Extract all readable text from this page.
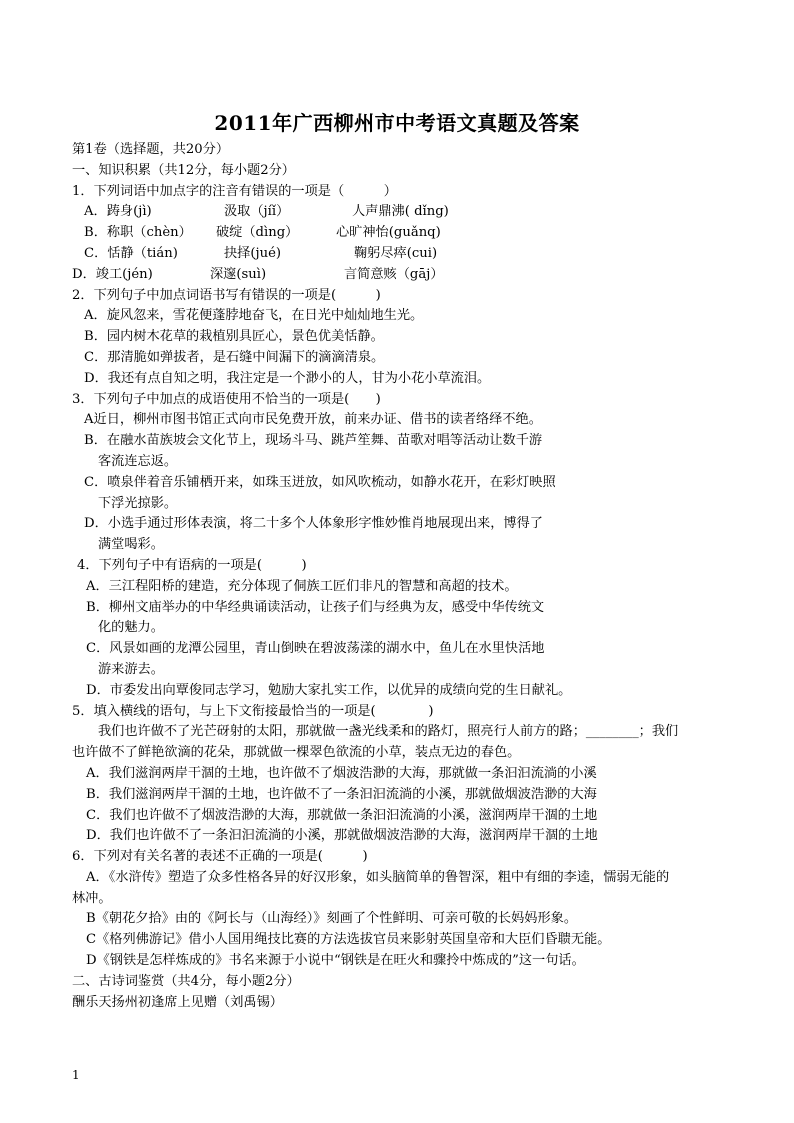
2011年广西柳州市中考语文真题及答案
第1卷（选择题，共20分）
一、知识积累（共12分，每小题2分）
1．下列词语中加点字的注音有错误的一项是（　　　）
A．踌身(jì)	汲取（jíǐ）	人声鼎沸( dǐng)
B．称职（chèn）	破绽（dìng）	心旷神怡(guǎnq)
C．恬静（tián)	抉择(jué)	鞠躬尽瘁(cui)
D．竣工(jén)	深邃(suì)	言简意赅（gāj）
2．下列句子中加点词语书写有错误的一项是(　　　)
A．旋风忽来，雪花便蓬脖地奋飞，在日光中灿灿地生光。
B．园内树木花草的栽植别具匠心，景色优美恬静。
C．那清脆如弹拔者，是石缝中间漏下的滴滴清泉。
D．我还有点自知之明，我注定是一个渺小的人，甘为小花小草流泪。
3．下列句子中加点的成语使用不恰当的一项是(　　)
A近日，柳州市图书馆正式向市民免费开放，前来办证、借书的读者络绎不绝。
B．在融水苗族坡会文化节上，现场斗马、跳芦笙舞、苗歌对唱等活动让数千游
客流连忘返。
C．喷泉伴着音乐铺栖开来，如珠玉迸放，如风吹梳动，如静水花开，在彩灯映照
下浮光掠影。
D．小选手通过形体表演，将二十多个人体象形字惟妙惟肖地展现出来，博得了
满堂喝彩。
4．下列句子中有语病的一项是(　　　)
A．三江程阳桥的建造，充分体现了侗族工匠们非凡的智慧和高超的技术。
B．柳州文庙举办的中华经典诵读活动，让孩子们与经典为友，感受中华传统文
化的魅力。
C．风景如画的龙潭公园里，青山倒映在碧波荡漾的湖水中，鱼儿在水里快活地
游来游去。
D．市委发出向覃俊同志学习，勉励大家扎实工作，以优异的成绩向党的生日献礼。
5．填入横线的语句，与上下文衔接最恰当的一项是(　　　　)
我们也许做不了光芒砑射的太阳，那就做一盏光线柔和的路灯，照亮行人前方的路；________；我们
也许做不了鲜艳欲滴的花朵，那就做一棵翠色欲流的小草，装点无边的春色。
A．我们滋润两岸干涸的土地，也许做不了烟波浩渺的大海，那就做一条汩汩流淌的小溪
B．我们滋润两岸干涸的土地，也许做不了一条汩汩流淌的小溪，那就做烟波浩渺的大海
C．我们也许做不了烟波浩渺的大海，那就做一条汩汩流淌的小溪，滋润两岸干涸的土地
D．我们也许做不了一条汩汩流淌的小溪，那就做烟波浩渺的大海，滋润两岸干涸的土地
6．下列对有关名著的表述不正确的一项是(　　　)
A．《水浒传》塑造了众多性格各异的好汉形象，如头脑简单的鲁智深，粗中有细的李逵，懦弱无能的
林冲。
B《朝花夕拾》由的《阿长与（山海经）》刻画了个性鲜明、可亲可敬的长妈妈形象。
C《格列佛游记》借小人国用绳技比赛的方法选拔官员来影射英国皇帝和大臣们昏聩无能。
D《钢铁是怎样炼成的》书名来源于小说中“钢铁是在旺火和骤拎中炼成的”这一句话。
二、古诗词鉴赏（共4分，每小题2分）
酬乐天扬州初逢席上见赠（刘禹锡）
1
